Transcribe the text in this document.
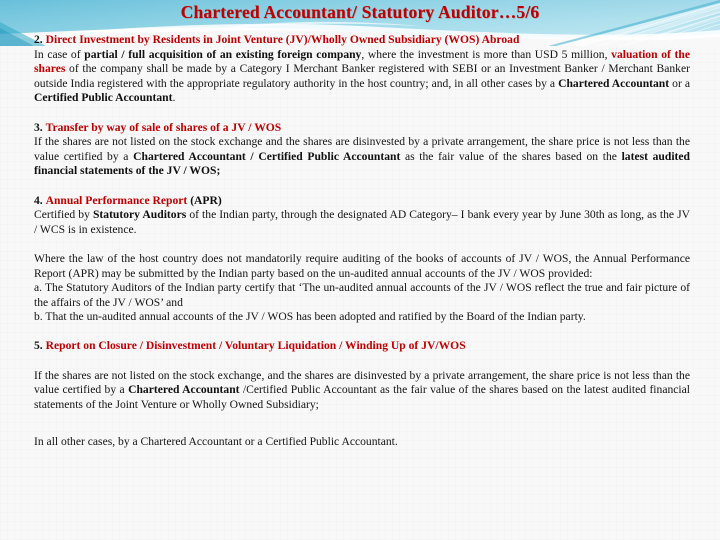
Chartered Accountant/ Statutory Auditor…5/6
2. Direct Investment by Residents in Joint Venture (JV)/Wholly Owned Subsidiary (WOS) Abroad
In case of partial / full acquisition of an existing foreign company, where the investment is more than USD 5 million, valuation of the shares of the company shall be made by a Category I Merchant Banker registered with SEBI or an Investment Banker / Merchant Banker outside India registered with the appropriate regulatory authority in the host country; and, in all other cases by a Chartered Accountant or a Certified Public Accountant.
3. Transfer by way of sale of shares of a JV / WOS
If the shares are not listed on the stock exchange and the shares are disinvested by a private arrangement, the share price is not less than the value certified by a Chartered Accountant / Certified Public Accountant as the fair value of the shares based on the latest audited financial statements of the JV / WOS;
4. Annual Performance Report (APR)
Certified by Statutory Auditors of the Indian party, through the designated AD Category– I bank every year by June 30th as long, as the JV / WCS is in existence.
Where the law of the host country does not mandatorily require auditing of the books of accounts of JV / WOS, the Annual Performance Report (APR) may be submitted by the Indian party based on the un-audited annual accounts of the JV / WOS provided:
a. The Statutory Auditors of the Indian party certify that ‘The un-audited annual accounts of the JV / WOS reflect the true and fair picture of the affairs of the JV / WOS’ and
b. That the un-audited annual accounts of the JV / WOS has been adopted and ratified by the Board of the Indian party.
5. Report on Closure / Disinvestment / Voluntary Liquidation / Winding Up of JV/WOS
If the shares are not listed on the stock exchange, and the shares are disinvested by a private arrangement, the share price is not less than the value certified by a Chartered Accountant /Certified Public Accountant as the fair value of the shares based on the latest audited financial statements of the Joint Venture or Wholly Owned Subsidiary;
In all other cases, by a Chartered Accountant or a Certified Public Accountant.
